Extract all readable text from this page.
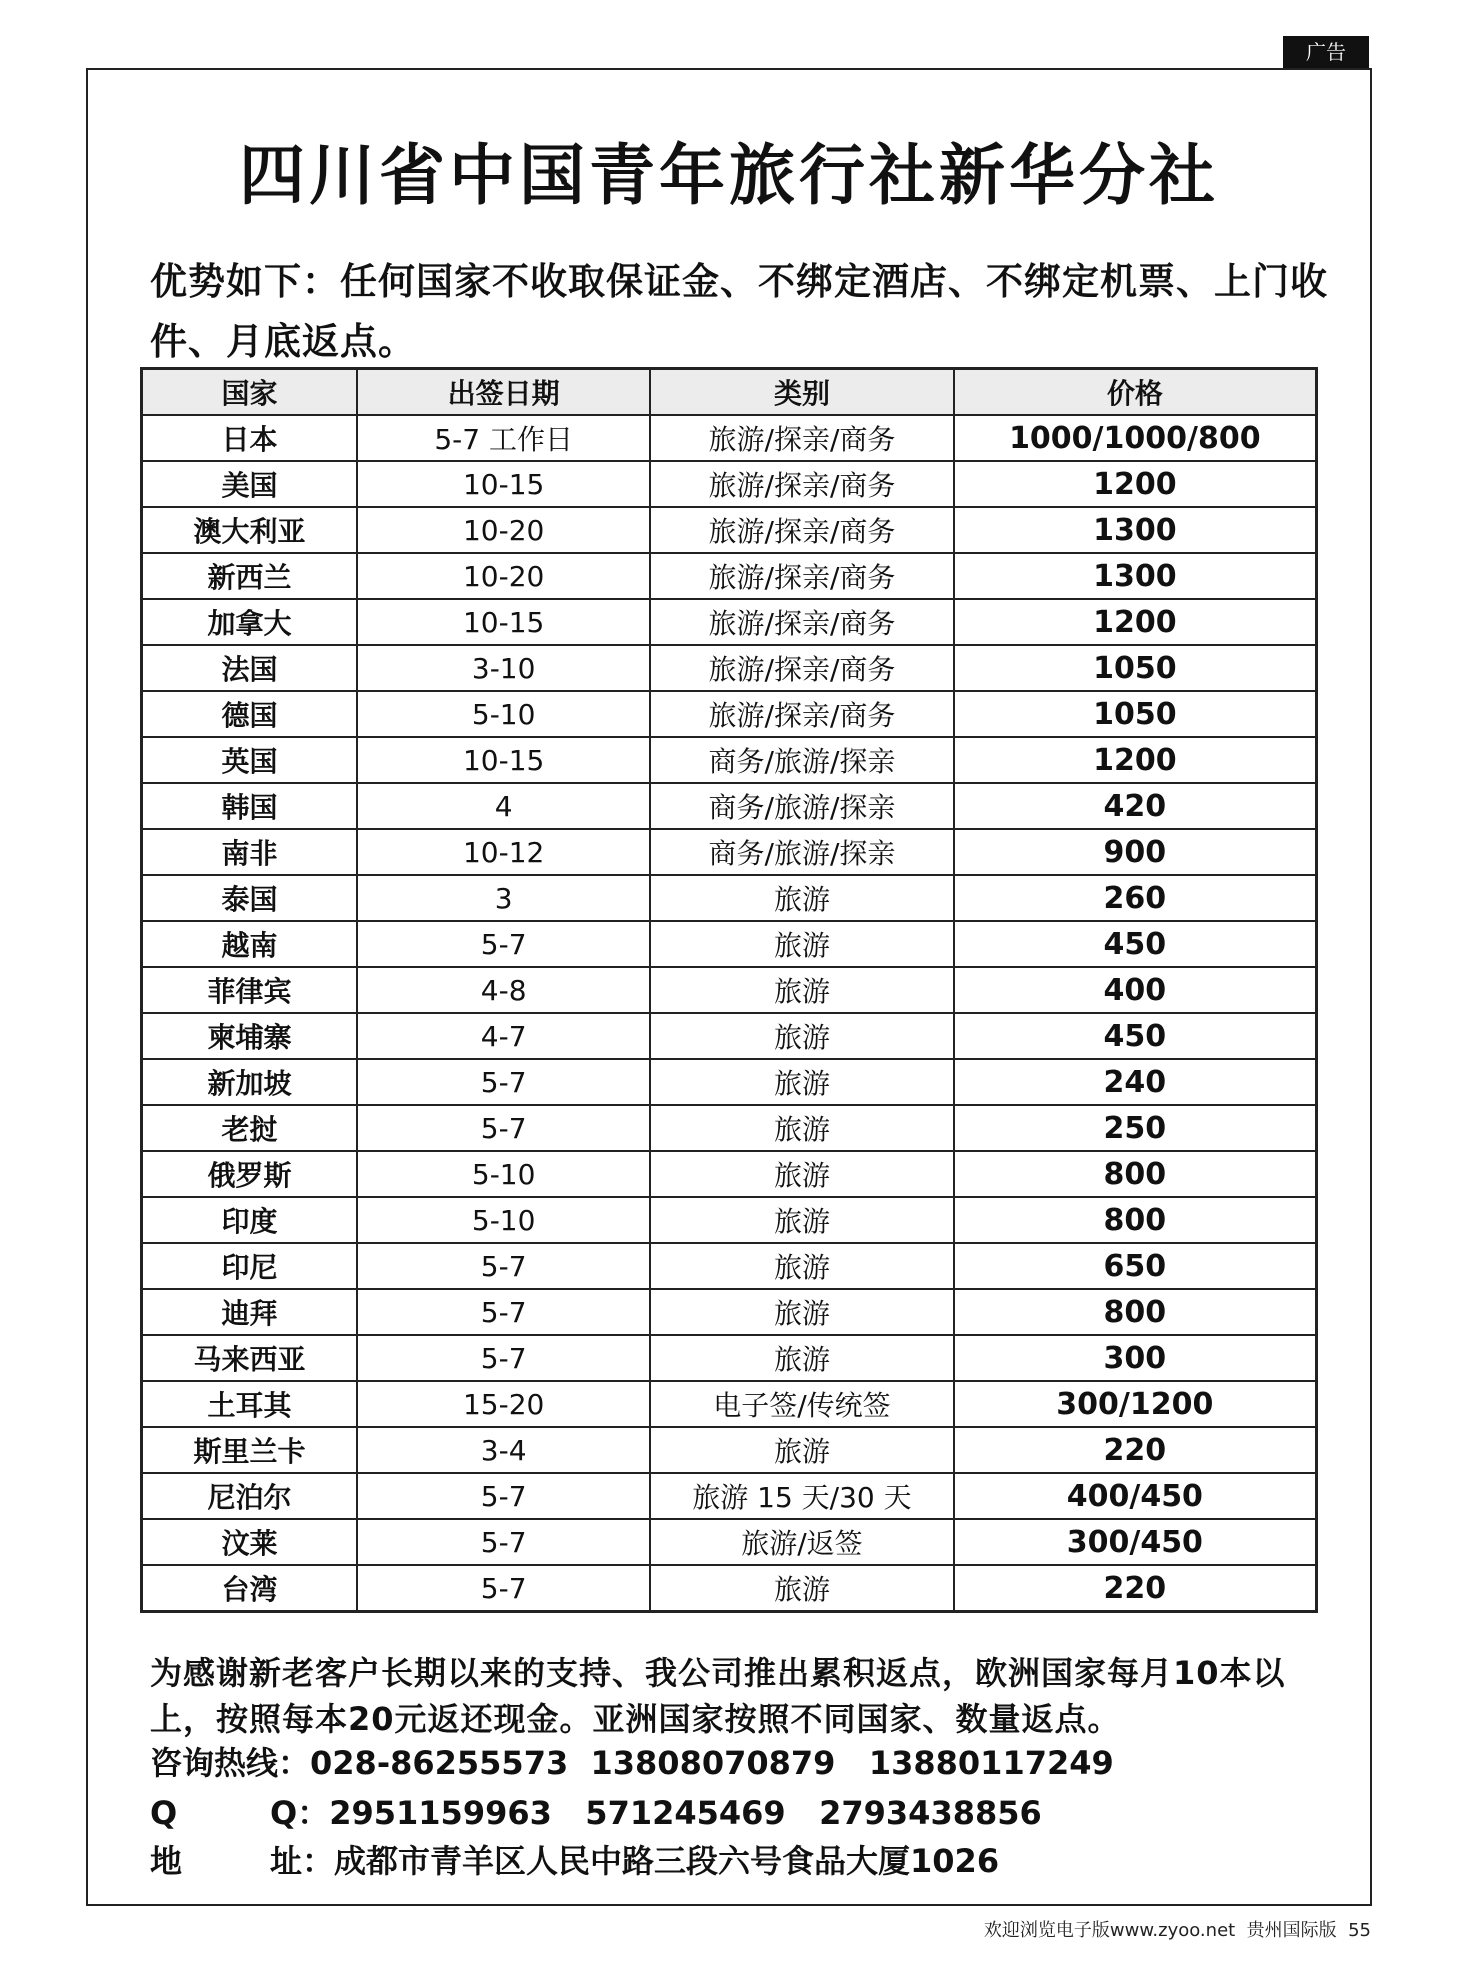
广告
四川省中国青年旅行社新华分社
优势如下：任何国家不收取保证金、不绑定酒店、不绑定机票、上门收件、月底返点。
国家	出签日期	类别	价格
日本	5-7 工作日	旅游/探亲/商务	1000/1000/800
美国	10-15	旅游/探亲/商务	1200
澳大利亚	10-20	旅游/探亲/商务	1300
新西兰	10-20	旅游/探亲/商务	1300
加拿大	10-15	旅游/探亲/商务	1200
法国	3-10	旅游/探亲/商务	1050
德国	5-10	旅游/探亲/商务	1050
英国	10-15	商务/旅游/探亲	1200
韩国	4	商务/旅游/探亲	420
南非	10-12	商务/旅游/探亲	900
泰国	3	旅游	260
越南	5-7	旅游	450
菲律宾	4-8	旅游	400
柬埔寨	4-7	旅游	450
新加坡	5-7	旅游	240
老挝	5-7	旅游	250
俄罗斯	5-10	旅游	800
印度	5-10	旅游	800
印尼	5-7	旅游	650
迪拜	5-7	旅游	800
马来西亚	5-7	旅游	300
土耳其	15-20	电子签/传统签	300/1200
斯里兰卡	3-4	旅游	220
尼泊尔	5-7	旅游 15 天/30 天	400/450
汶莱	5-7	旅游/返签	300/450
台湾	5-7	旅游	220
为感谢新老客户长期以来的支持、我公司推出累积返点，欧洲国家每月10本以上，按照每本20元返还现金。亚洲国家按照不同国家、数量返点。
咨询热线：028-86255573  13808070879   13880117249
Q	Q：2951159963   571245469   2793438856
地	址：成都市青羊区人民中路三段六号食品大厦1026
欢迎浏览电子版www.zyoo.net  贵州国际版  55
